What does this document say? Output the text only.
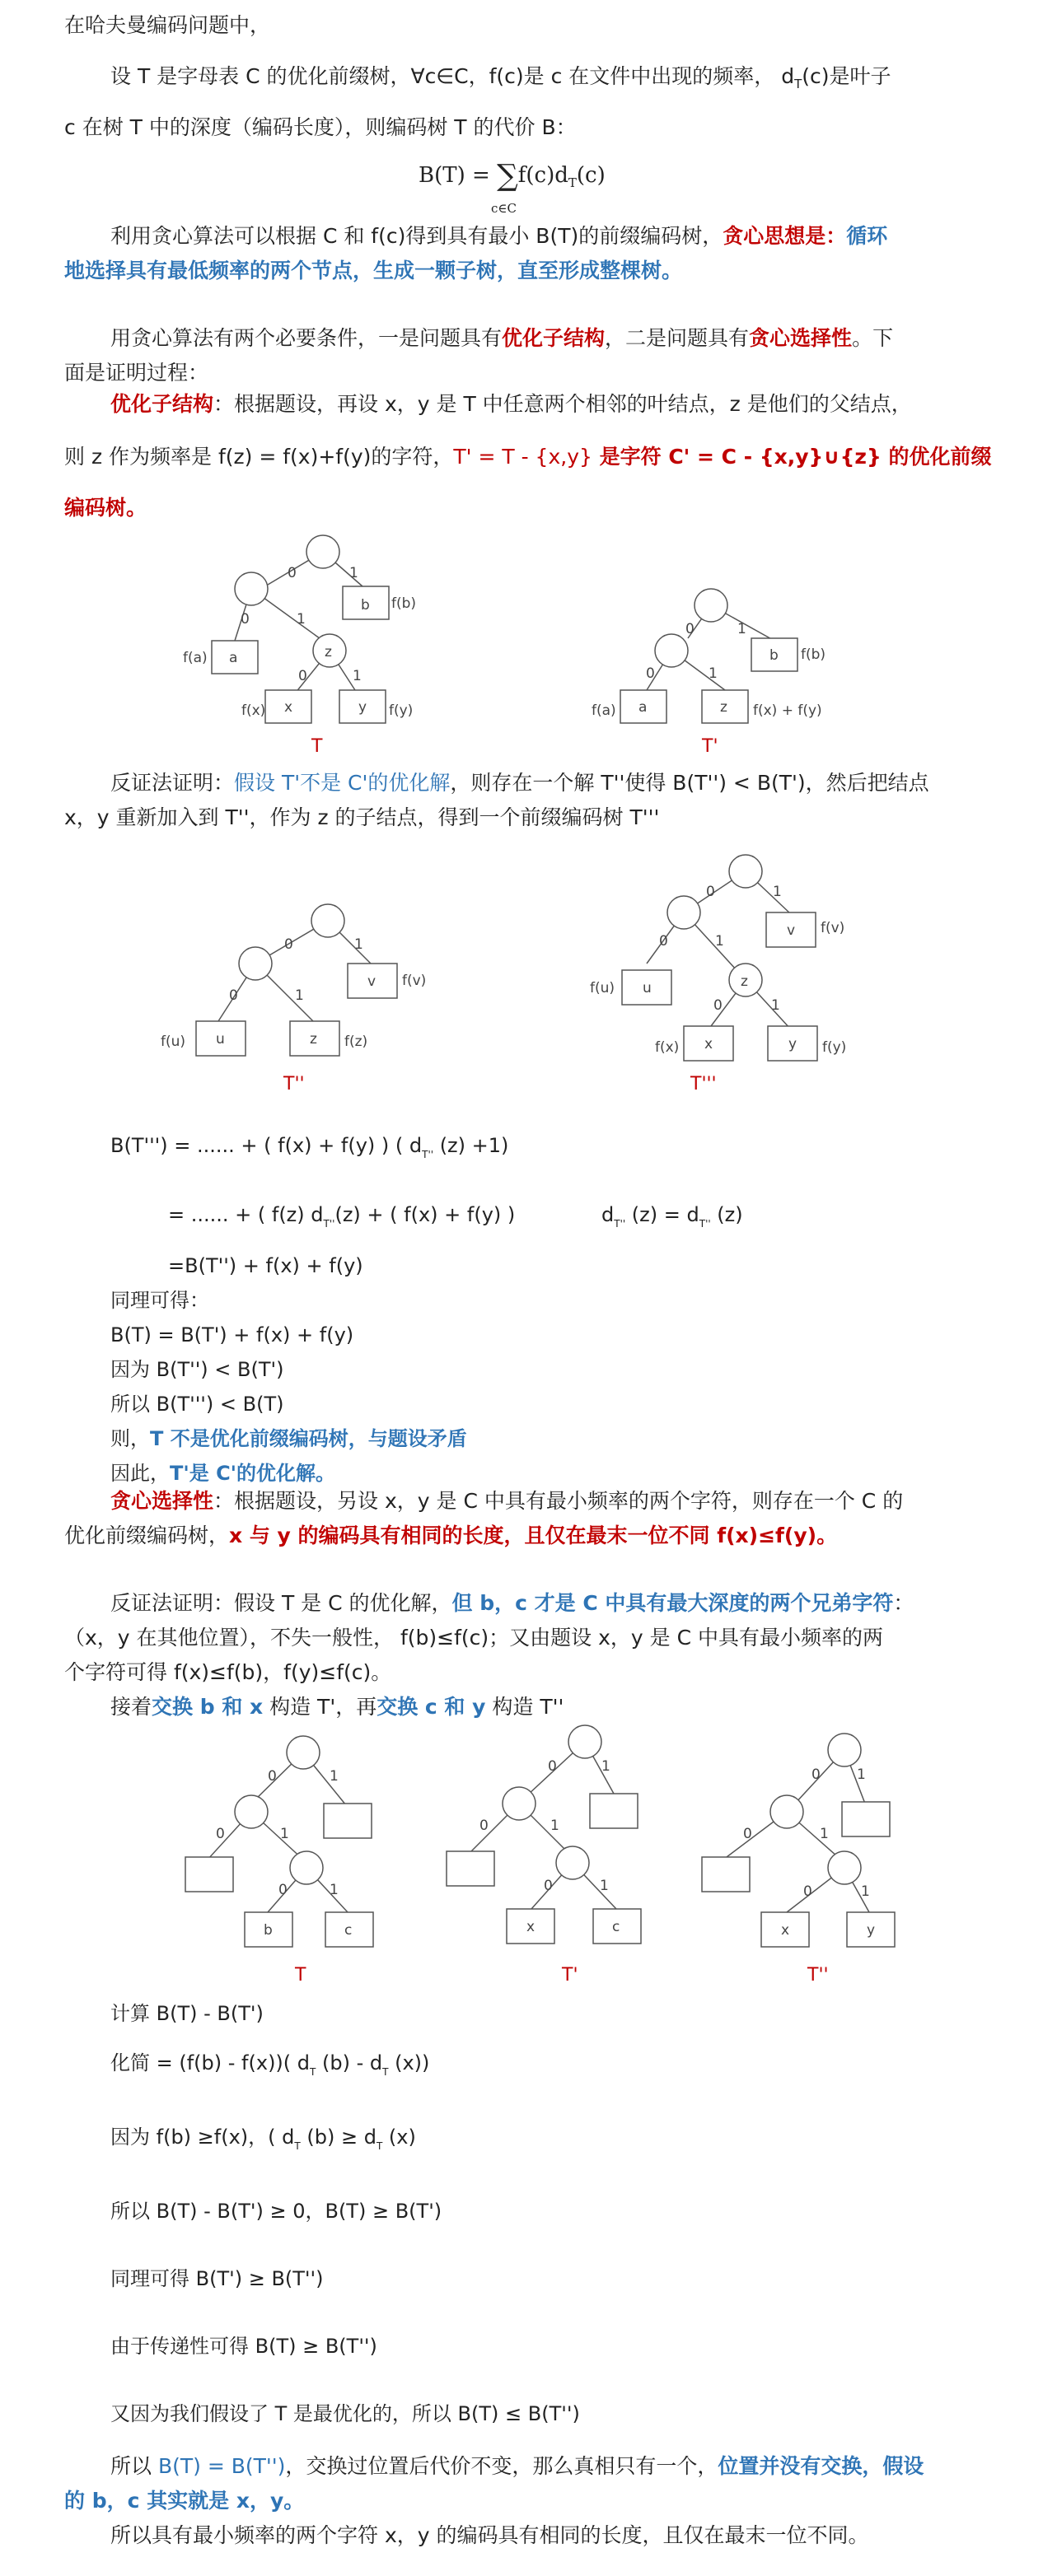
在哈夫曼编码问题中，
设 T 是字母表 C 的优化前缀树，∀c∈C，f(c)是 c 在文件中出现的频率， $d_T(c)$是叶子
c 在树 T 中的深度（编码长度），则编码树 T 的代价 B：
$B(T) = \sum f(c)d_T(c)$
c∈C
利用贪心算法可以根据 C 和 f(c)得到具有最小 B(T)的前缀编码树，贪心思想是：循环
地选择具有最低频率的两个节点，生成一颗子树，直至形成整棵树。
用贪心算法有两个必要条件，一是问题具有优化子结构，二是问题具有贪心选择性。下
面是证明过程：
优化子结构：根据题设，再设 x，y 是 T 中任意两个相邻的叶结点，z 是他们的父结点，
则 z 作为频率是 f(z) = f(x)+f(y)的字符，T' = T - {x,y} 是字符 C' = C - {x,y}∪{z} 的优化前缀
编码树。
0	1
0	1
0	1
b f(b)
a
f(a)	z
x
f(x)	y f(y)
0	1
0	1
b f(b)
a
f(a)	z f(x) + f(y)
0	1
0	1
v f(v)
u
f(u)	z f(z)
0	1
0	1
0	1
v f(v)
u
f(u)	z
x
f(x)	y f(y)
0	1
0	1
0	1
b	c
0	1
0	1
0	1
x	c
0	1
0	1
0	1
x	y
T	T'
T''	T'''
反证法证明：假设 T'不是 C'的优化解，则存在一个解 T''使得 B(T'') < B(T')，然后把结点
x，y 重新加入到 T''，作为 z 的子结点，得到一个前缀编码树 T'''
B(T''') = ...... + ( f(x) + f(y) ) ( $d_{T''}$ (z) +1)
= ...... + ( f(z) $d_{T''}(z)$ + ( f(x) + f(y) )	$d_{T''}$ $(z) = d_{T''}$ (z)
=B(T'') + f(x) + f(y)
同理可得：
B(T) = B(T') + f(x) + f(y)
因为 B(T'') < B(T')
所以 B(T''') < B(T)
则，T 不是优化前缀编码树，与题设矛盾
因此，T'是 C'的优化解。
贪心选择性：根据题设，另设 x，y 是 C 中具有最小频率的两个字符，则存在一个 C 的
优化前缀编码树，x 与 y 的编码具有相同的长度，且仅在最末一位不同 f(x)≤f(y)。
反证法证明：假设 T 是 C 的优化解，但 b，c 才是 C 中具有最大深度的两个兄弟字符：
（x，y 在其他位置），不失一般性， f(b)≤f(c)；又由题设 x，y 是 C 中具有最小频率的两
个字符可得 f(x)≤f(b)，f(y)≤f(c)。
接着交换 b 和 x 构造 T'，再交换 c 和 y 构造 T''
T	T'	T''
计算 B(T) - B(T')
化简 = (f(b) - f(x))( $d_T$ $(b) - d_T$ (x))
因为 f(b) ≥f(x)，( $d_T$ $(b) \ge d_T$ (x)
所以 B(T) - B(T') ≥ 0，B(T) ≥ B(T')
同理可得 B(T') ≥ B(T'')
由于传递性可得 B(T) ≥ B(T'')
又因为我们假设了 T 是最优化的，所以 B(T) ≤ B(T'')
所以 B(T) = B(T'')，交换过位置后代价不变，那么真相只有一个，位置并没有交换，假设
的 b，c 其实就是 x，y。
所以具有最小频率的两个字符 x，y 的编码具有相同的长度，且仅在最末一位不同。
